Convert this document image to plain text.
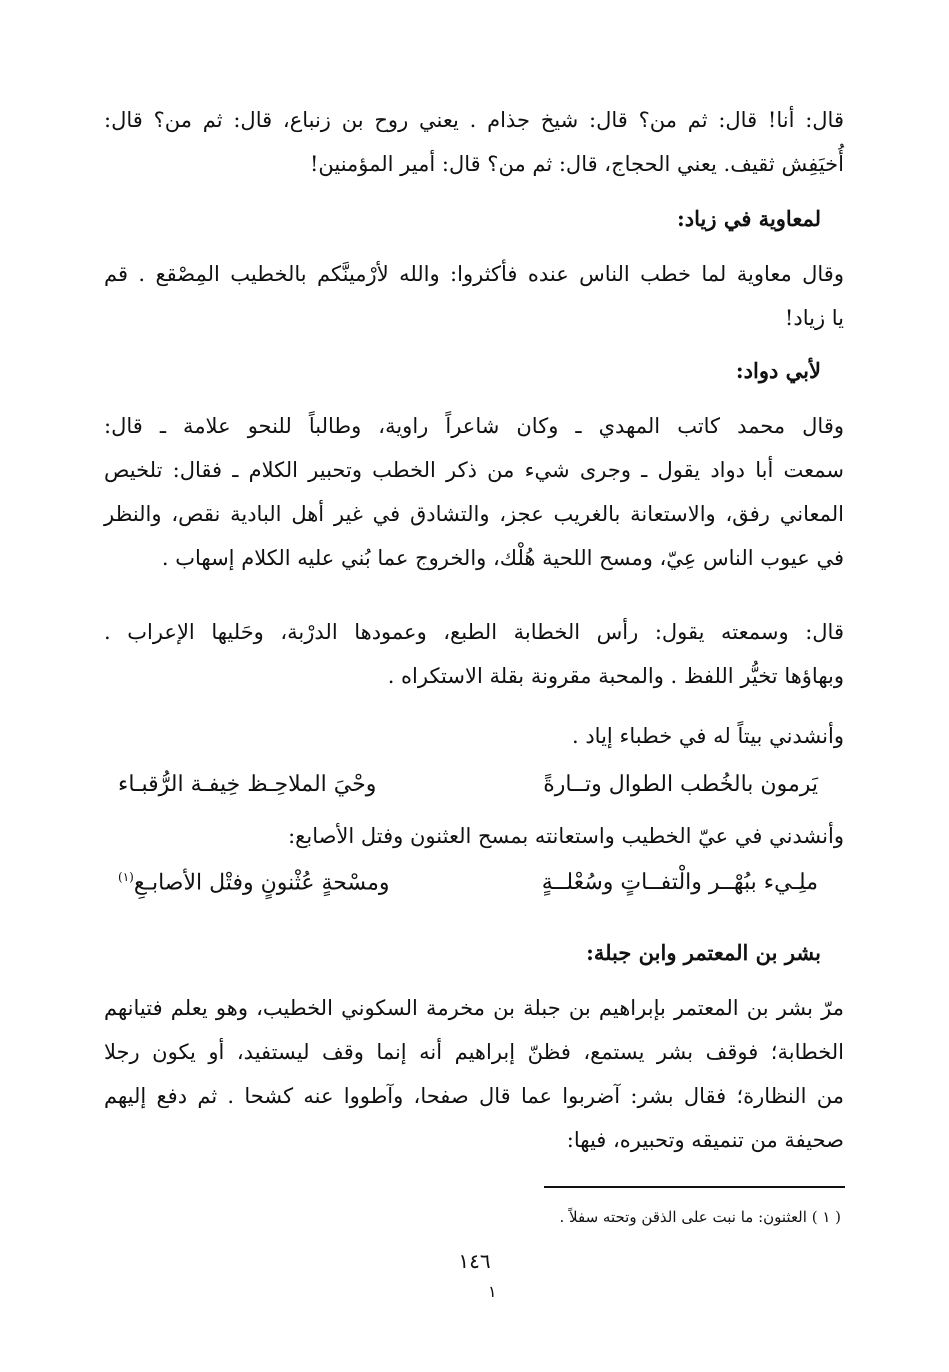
قال: أنا! قال: ثم من؟ قال: شيخ جذام . يعني روح بن زنباع، قال: ثم من؟ قال:
أُخيَفِش ثقيف. يعني الحجاج، قال: ثم من؟ قال: أمير المؤمنين!
لمعاوية في زياد:
وقال معاوية لما خطب الناس عنده فأكثروا: والله لأرْمينَّكم بالخطيب المِصْقع . قم
يا زياد!
لأبي دواد:
وقال محمد كاتب المهدي ـ وكان شاعراً راوية، وطالباً للنحو علامة ـ قال:
سمعت أبا دواد يقول ـ وجرى شيء من ذكر الخطب وتحبير الكلام ـ فقال: تلخيص
المعاني رفق، والاستعانة بالغريب عجز، والتشادق في غير أهل البادية نقص، والنظر
في عيوب الناس عِيّ، ومسح اللحية هُلْك، والخروج عما بُني عليه الكلام إسهاب .
قال: وسمعته يقول: رأس الخطابة الطبع، وعمودها الدرْبة، وحَليها الإعراب .
وبهاؤها تخيُّر اللفظ . والمحبة مقرونة بقلة الاستكراه .
وأنشدني بيتاً له في خطباء إياد .
يَرمون بالخُطب الطوال وتــارةً
وحْيَ الملاحِـظ خِيفـة الرُّقبـاء
وأنشدني في عيّ الخطيب واستعانته بمسح العثنون وفتل الأصابع:
ملِـيء ببُهْــر والْتفــاتٍ وسُعْلــةٍ
ومسْحةٍ عُثْنونٍ وفتْل الأصابـعِ$^{(١)}$
بشر بن المعتمر وابن جبلة:
مرّ بشر بن المعتمر بإبراهيم بن جبلة بن مخرمة السكوني الخطيب، وهو يعلم فتيانهم
الخطابة؛ فوقف بشر يستمع، فظنّ إبراهيم أنه إنما وقف ليستفيد، أو يكون رجلا
من النظارة؛ فقال بشر: آضربوا عما قال صفحا، وآطووا عنه كشحا . ثم دفع إليهم
صحيفة من تنميقه وتحبيره، فيها:
( ١ ) العثنون: ما نبت على الذقن وتحته سفلاً .
١٤٦
١
